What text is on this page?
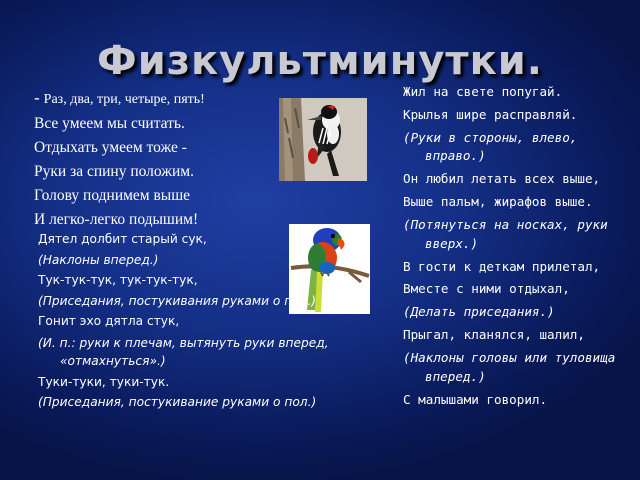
Физкультминутки.
- Раз, два, три, четыре, пять!
Все умеем мы считать.
Отдыхать умеем тоже -
Руки за спину положим.
Голову поднимем выше
И легко-легко подышим!
Дятел долбит старый сук,
(Наклоны вперед.)
Тук-тук-тук, тук-тук-тук,
(Приседания, постукивания руками о пол.)
Гонит эхо дятла стук,
(И. п.: руки к плечам, вытянуть руки вперед, «отмахнуться».)
Туки-туки, туки-тук.
(Приседания, постукивание руками о пол.)
Жил на свете попугай.
Крылья шире расправляй.
(Руки в стороны, влево, вправо.)
Он любил летать всех выше,
Выше пальм, жирафов выше.
(Потянуться на носках, руки вверх.)
В гости к деткам прилетал,
Вместе с ними отдыхал,
(Делать приседания.)
Прыгал, кланялся, шалил,
(Наклоны головы или туловища вперед.)
С малышами говорил.
